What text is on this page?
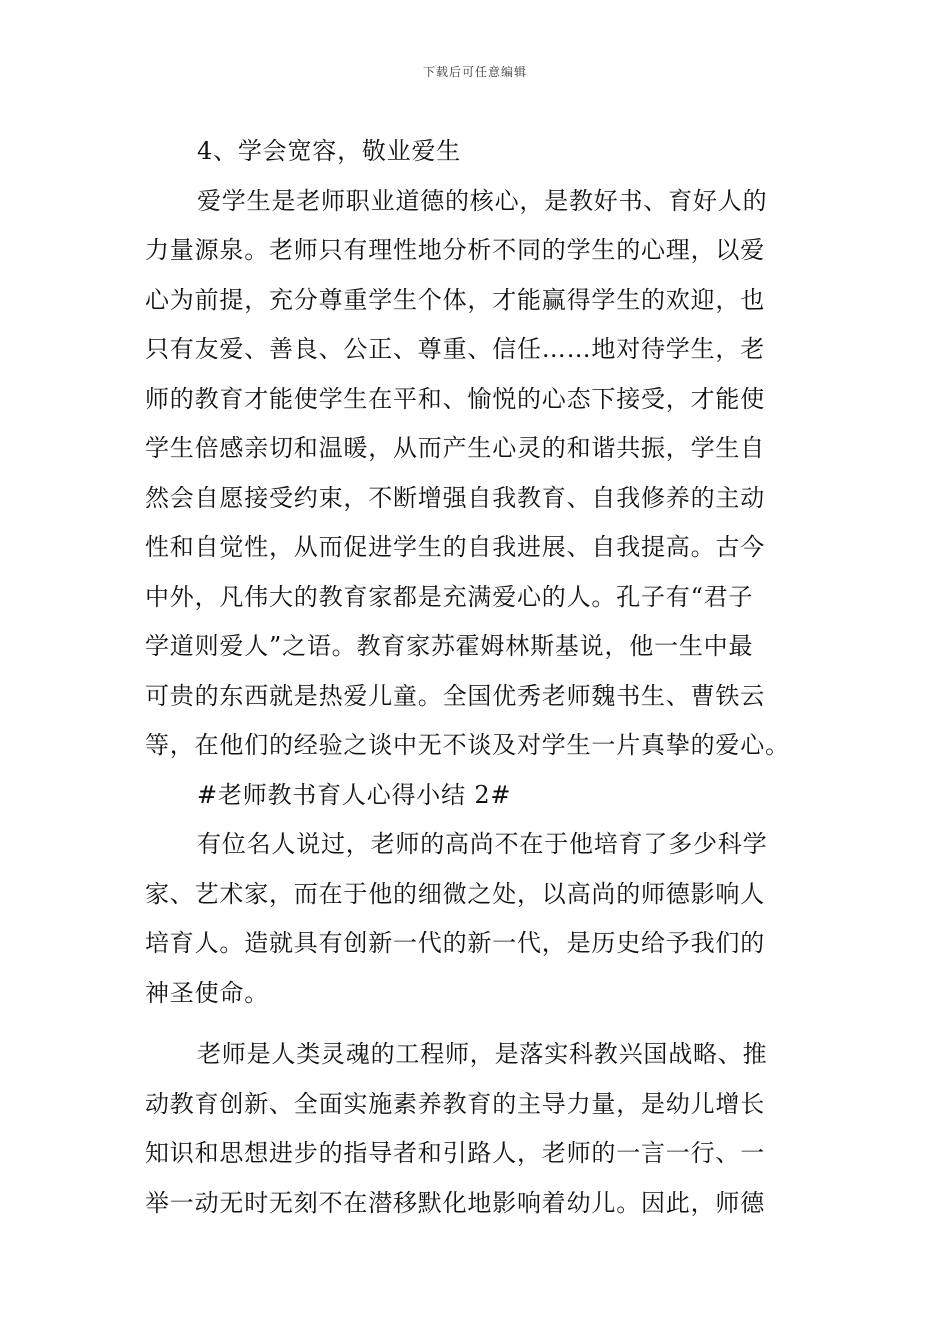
下载后可任意编辑
4、学会宽容，敬业爱生
爱学生是老师职业道德的核心，是教好书、育好人的
力量源泉。老师只有理性地分析不同的学生的心理，以爱
心为前提，充分尊重学生个体，才能赢得学生的欢迎，也
只有友爱、善良、公正、尊重、信任……地对待学生，老
师的教育才能使学生在平和、愉悦的心态下接受，才能使
学生倍感亲切和温暖，从而产生心灵的和谐共振，学生自
然会自愿接受约束，不断增强自我教育、自我修养的主动
性和自觉性，从而促进学生的自我进展、自我提高。古今
中外，凡伟大的教育家都是充满爱心的人。孔子有“君子
学道则爱人”之语。教育家苏霍姆林斯基说，他一生中最
可贵的东西就是热爱儿童。全国优秀老师魏书生、曹铁云
等，在他们的经验之谈中无不谈及对学生一片真挚的爱心。
#老师教书育人心得小结 2#
有位名人说过，老师的高尚不在于他培育了多少科学
家、艺术家，而在于他的细微之处，以高尚的师德影响人
培育人。造就具有创新一代的新一代，是历史给予我们的
神圣使命。
老师是人类灵魂的工程师，是落实科教兴国战略、推
动教育创新、全面实施素养教育的主导力量，是幼儿增长
知识和思想进步的指导者和引路人，老师的一言一行、一
举一动无时无刻不在潜移默化地影响着幼儿。因此，师德
